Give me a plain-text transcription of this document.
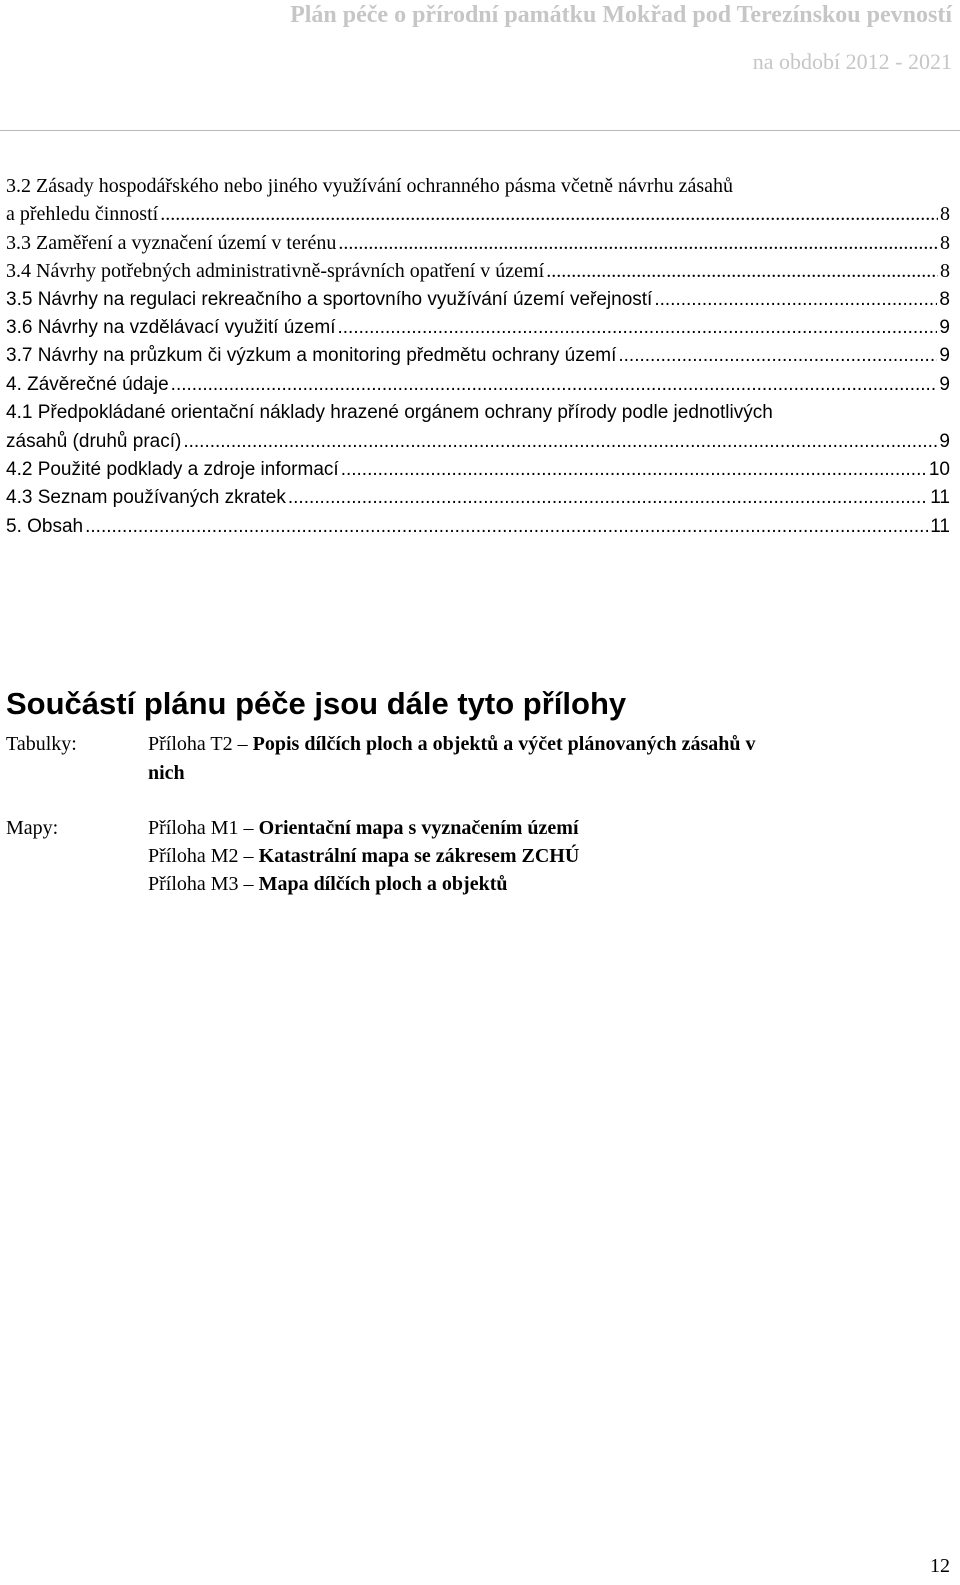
Plán péče o přírodní památku Mokřad pod Terezínskou pevností
na období 2012 - 2021
3.2 Zásady hospodářského nebo jiného využívání ochranného pásma včetně návrhu zásahů
a přehledu činností .....	8
3.3 Zaměření a vyznačení území v terénu .....	8
3.4 Návrhy potřebných administrativně-správních opatření v území .....	8
3.5 Návrhy na regulaci rekreačního a sportovního využívání území veřejností .....	8
3.6 Návrhy na vzdělávací využití území .....	9
3.7 Návrhy na průzkum či výzkum a monitoring předmětu ochrany území .....	9
4. Závěrečné údaje .....	9
4.1 Předpokládané orientační náklady hrazené orgánem ochrany přírody podle jednotlivých
zásahů (druhů prací) .....	9
4.2 Použité podklady a zdroje informací .....	10
4.3 Seznam používaných zkratek .....	11
5. Obsah .....	11
Součástí plánu péče jsou dále tyto přílohy
Tabulky:	Příloha T2 – Popis dílčích ploch a objektů a výčet plánovaných zásahů v
nich
Mapy:	Příloha M1 – Orientační mapa s vyznačením území
Příloha M2 – Katastrální mapa se zákresem ZCHÚ
Příloha M3 – Mapa dílčích ploch a objektů
12
